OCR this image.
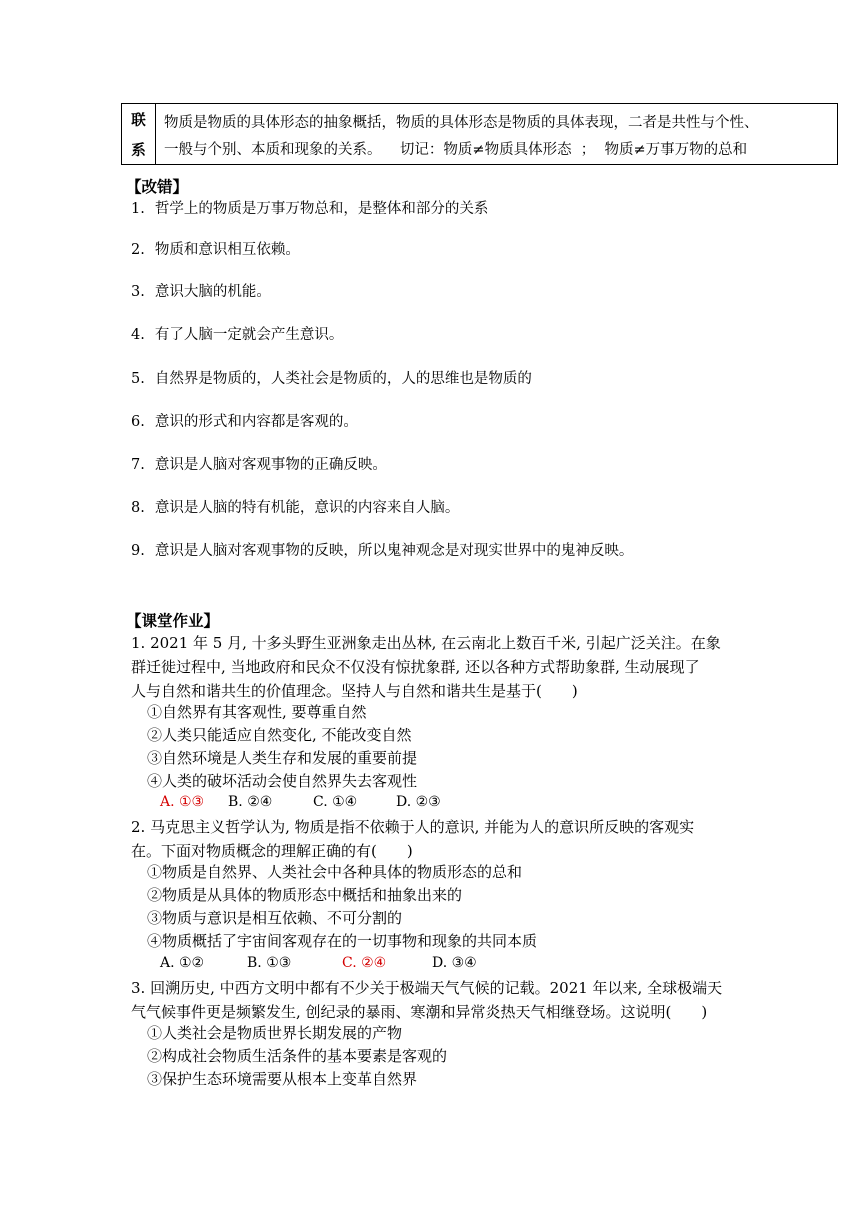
联
系

物质是物质的具体形态的抽象概括，物质的具体形态是物质的具体表现，二者是共性与个性、

一般与个别、本质和现象的关系。    切记：物质≠物质具体形态  ；  物质≠万事万物的总和

【改错】
1. 哲学上的物质是万事万物总和，是整体和部分的关系
2. 物质和意识相互依赖。
3. 意识大脑的机能。
4. 有了人脑一定就会产生意识。
5. 自然界是物质的，人类社会是物质的，人的思维也是物质的
6. 意识的形式和内容都是客观的。
7. 意识是人脑对客观事物的正确反映。
8. 意识是人脑的特有机能，意识的内容来自人脑。
9. 意识是人脑对客观事物的反映，所以鬼神观念是对现实世界中的鬼神反映。
【课堂作业】
1. 2021 年 5 月, 十多头野生亚洲象走出丛林, 在云南北上数百千米, 引起广泛关注。在象
群迁徙过程中, 当地政府和民众不仅没有惊扰象群, 还以各种方式帮助象群, 生动展现了
人与自然和谐共生的价值理念。坚持人与自然和谐共生是基于(　　)
①自然界有其客观性, 要尊重自然
②人类只能适应自然变化, 不能改变自然
③自然环境是人类生存和发展的重要前提
④人类的破坏活动会使自然界失去客观性
A. ①③ B. ②④	C. ①④	D. ②③
2. 马克思主义哲学认为, 物质是指不依赖于人的意识, 并能为人的意识所反映的客观实
在。下面对物质概念的理解正确的有(　　)
①物质是自然界、人类社会中各种具体的物质形态的总和
②物质是从具体的物质形态中概括和抽象出来的
③物质与意识是相互依赖、不可分割的
④物质概括了宇宙间客观存在的一切事物和现象的共同本质
A. ①②	B. ①③	C. ②④	D. ③④
3. 回溯历史, 中西方文明中都有不少关于极端天气气候的记载。2021 年以来, 全球极端天
气气候事件更是频繁发生, 创纪录的暴雨、寒潮和异常炎热天气相继登场。这说明(　　)
①人类社会是物质世界长期发展的产物
②构成社会物质生活条件的基本要素是客观的
③保护生态环境需要从根本上变革自然界
